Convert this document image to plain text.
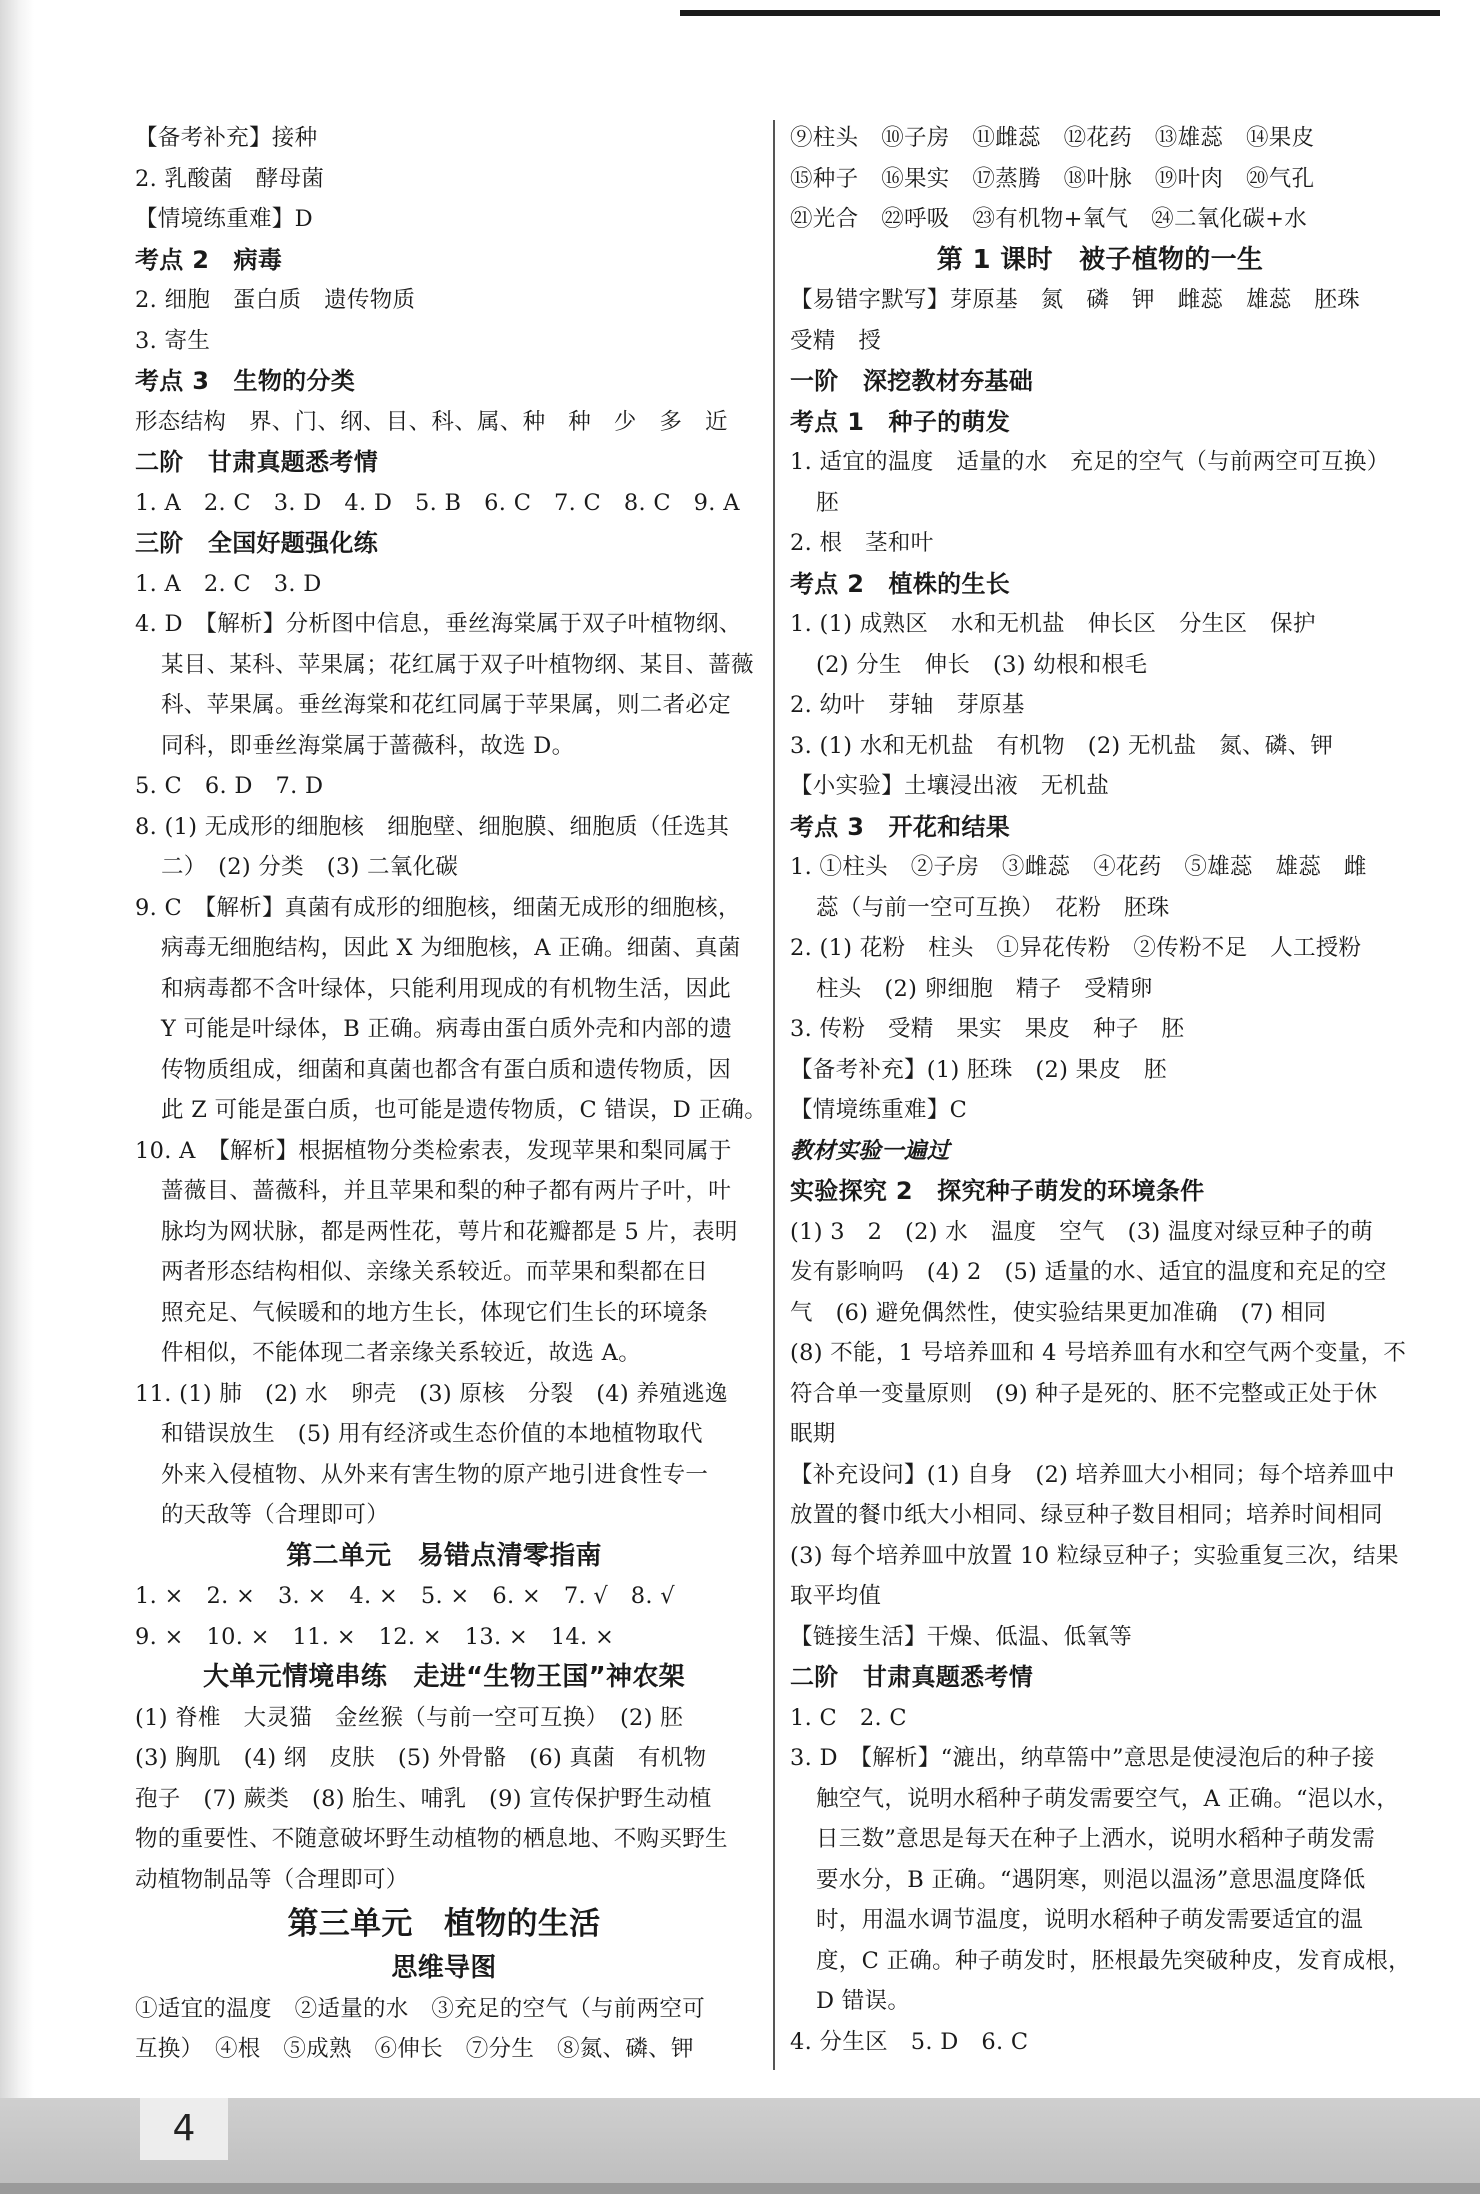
【备考补充】接种
2. 乳酸菌　酵母菌
【情境练重难】D
考点 2　病毒
2. 细胞　蛋白质　遗传物质
3. 寄生
考点 3　生物的分类
形态结构　界、门、纲、目、科、属、种　种　少　多　近
二阶　甘肃真题悉考情
1. A　2. C　3. D　4. D　5. B　6. C　7. C　8. C　9. A
三阶　全国好题强化练
1. A　2. C　3. D
4. D　【解析】分析图中信息，垂丝海棠属于双子叶植物纲、
某目、某科、苹果属；花红属于双子叶植物纲、某目、蔷薇
科、苹果属。垂丝海棠和花红同属于苹果属，则二者必定
同科，即垂丝海棠属于蔷薇科，故选 D。
5. C　6. D　7. D
8. (1) 无成形的细胞核　细胞壁、细胞膜、细胞质（任选其
二）　(2) 分类　(3) 二氧化碳
9. C　【解析】真菌有成形的细胞核，细菌无成形的细胞核，
病毒无细胞结构，因此 X 为细胞核，A 正确。细菌、真菌
和病毒都不含叶绿体，只能利用现成的有机物生活，因此
Y 可能是叶绿体，B 正确。病毒由蛋白质外壳和内部的遗
传物质组成，细菌和真菌也都含有蛋白质和遗传物质，因
此 Z 可能是蛋白质，也可能是遗传物质，C 错误，D 正确。
10. A　【解析】根据植物分类检索表，发现苹果和梨同属于
蔷薇目、蔷薇科，并且苹果和梨的种子都有两片子叶，叶
脉均为网状脉，都是两性花，萼片和花瓣都是 5 片，表明
两者形态结构相似、亲缘关系较近。而苹果和梨都在日
照充足、气候暖和的地方生长，体现它们生长的环境条
件相似，不能体现二者亲缘关系较近，故选 A。
11. (1) 肺　(2) 水　卵壳　(3) 原核　分裂　(4) 养殖逃逸
和错误放生　(5) 用有经济或生态价值的本地植物取代
外来入侵植物、从外来有害生物的原产地引进食性专一
的天敌等（合理即可）
第二单元　易错点清零指南
1. ×　2. ×　3. ×　4. ×　5. ×　6. ×　7. √　8. √
9. ×　10. ×　11. ×　12. ×　13. ×　14. ×
大单元情境串练　走进“生物王国”神农架
(1) 脊椎　大灵猫　金丝猴（与前一空可互换）　(2) 胚
(3) 胸肌　(4) 纲　皮肤　(5) 外骨骼　(6) 真菌　有机物
孢子　(7) 蕨类　(8) 胎生、哺乳　(9) 宣传保护野生动植
物的重要性、不随意破坏野生动植物的栖息地、不购买野生
动植物制品等（合理即可）
第三单元　植物的生活
思维导图
①适宜的温度　②适量的水　③充足的空气（与前两空可
互换）　④根　⑤成熟　⑥伸长　⑦分生　⑧氮、磷、钾
⑨柱头　⑩子房　⑪雌蕊　⑫花药　⑬雄蕊　⑭果皮
⑮种子　⑯果实　⑰蒸腾　⑱叶脉　⑲叶肉　⑳气孔
㉑光合　㉒呼吸　㉓有机物+氧气　㉔二氧化碳+水
第 1 课时　被子植物的一生
【易错字默写】芽原基　氮　磷　钾　雌蕊　雄蕊　胚珠
受精　授
一阶　深挖教材夯基础
考点 1　种子的萌发
1. 适宜的温度　适量的水　充足的空气（与前两空可互换）
胚
2. 根　茎和叶
考点 2　植株的生长
1. (1) 成熟区　水和无机盐　伸长区　分生区　保护
(2) 分生　伸长　(3) 幼根和根毛
2. 幼叶　芽轴　芽原基
3. (1) 水和无机盐　有机物　(2) 无机盐　氮、磷、钾
【小实验】土壤浸出液　无机盐
考点 3　开花和结果
1. ①柱头　②子房　③雌蕊　④花药　⑤雄蕊　雄蕊　雌
蕊（与前一空可互换）　花粉　胚珠
2. (1) 花粉　柱头　①异花传粉　②传粉不足　人工授粉
柱头　(2) 卵细胞　精子　受精卵
3. 传粉　受精　果实　果皮　种子　胚
【备考补充】(1) 胚珠　(2) 果皮　胚
【情境练重难】C
教材实验一遍过
实验探究 2　探究种子萌发的环境条件
(1) 3　2　(2) 水　温度　空气　(3) 温度对绿豆种子的萌
发有影响吗　(4) 2　(5) 适量的水、适宜的温度和充足的空
气　(6) 避免偶然性，使实验结果更加准确　(7) 相同
(8) 不能，1 号培养皿和 4 号培养皿有水和空气两个变量，不
符合单一变量原则　(9) 种子是死的、胚不完整或正处于休
眠期
【补充设问】(1) 自身　(2) 培养皿大小相同；每个培养皿中
放置的餐巾纸大小相同、绿豆种子数目相同；培养时间相同
(3) 每个培养皿中放置 10 粒绿豆种子；实验重复三次，结果
取平均值
【链接生活】干燥、低温、低氧等
二阶　甘肃真题悉考情
1. C　2. C
3. D　【解析】“漉出，纳草篅中”意思是使浸泡后的种子接
触空气，说明水稻种子萌发需要空气，A 正确。“浥以水，
日三数”意思是每天在种子上洒水，说明水稻种子萌发需
要水分，B 正确。“遇阴寒，则浥以温汤”意思温度降低
时，用温水调节温度，说明水稻种子萌发需要适宜的温
度，C 正确。种子萌发时，胚根最先突破种皮，发育成根，
D 错误。
4. 分生区　5. D　6. C
4
